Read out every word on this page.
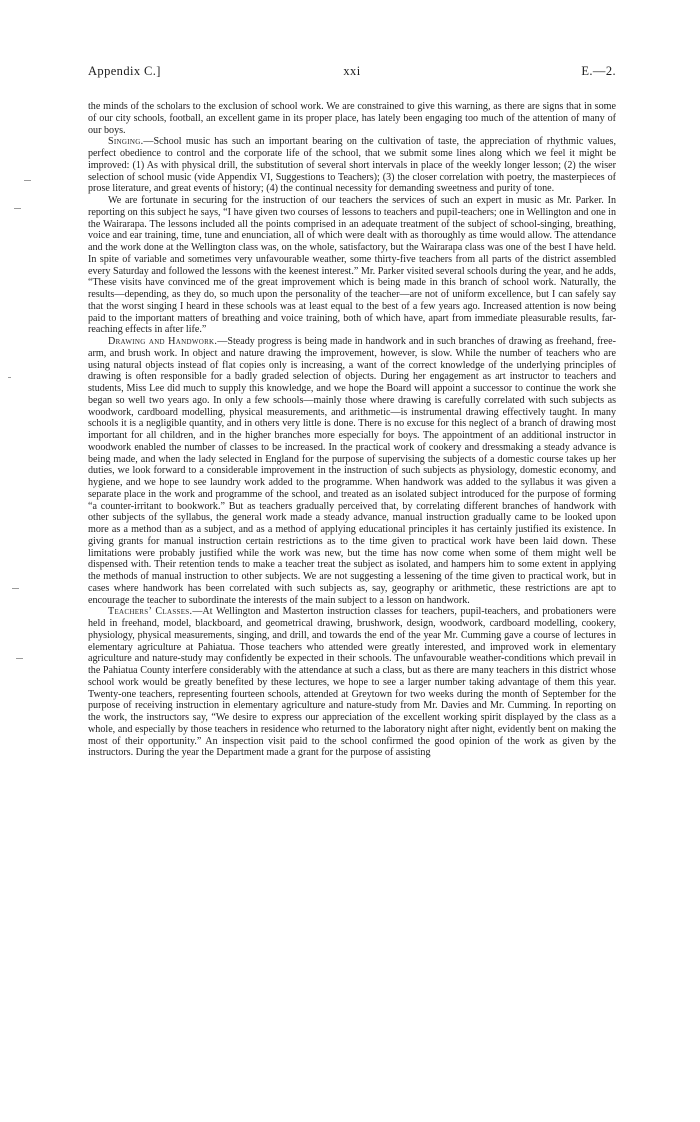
Appendix C.]	xxi	E.—2.

the minds of the scholars to the exclusion of school work. We are constrained to give this warning, as there are signs that in some of our city schools, football, an excellent game in its proper place, has lately been engaging too much of the attention of many of our boys.

Singing.—School music has such an important bearing on the cultivation of taste, the appreciation of rhythmic values, perfect obedience to control and the corporate life of the school, that we submit some lines along which we feel it might be improved: (1) As with physical drill, the substitution of several short intervals in place of the weekly longer lesson; (2) the wiser selection of school music (vide Appendix VI, Suggestions to Teachers); (3) the closer correlation with poetry, the masterpieces of prose literature, and great events of history; (4) the continual necessity for demanding sweetness and purity of tone.

We are fortunate in securing for the instruction of our teachers the services of such an expert in music as Mr. Parker. In reporting on this subject he says, “I have given two courses of lessons to teachers and pupil-teachers; one in Wellington and one in the Wairarapa. The lessons included all the points comprised in an adequate treatment of the subject of school-singing, breathing, voice and ear training, time, tune and enunciation, all of which were dealt with as thoroughly as time would allow. The attendance and the work done at the Wellington class was, on the whole, satisfactory, but the Wairarapa class was one of the best I have held. In spite of variable and sometimes very unfavourable weather, some thirty-five teachers from all parts of the district assembled every Saturday and followed the lessons with the keenest interest.” Mr. Parker visited several schools during the year, and he adds, “These visits have convinced me of the great improvement which is being made in this branch of school work. Naturally, the results—depending, as they do, so much upon the personality of the teacher—are not of uniform excellence, but I can safely say that the worst singing I heard in these schools was at least equal to the best of a few years ago. Increased attention is now being paid to the important matters of breathing and voice training, both of which have, apart from immediate pleasurable results, far-reaching effects in after life.”

Drawing and Handwork.—Steady progress is being made in handwork and in such branches of drawing as freehand, free-arm, and brush work. In object and nature drawing the improvement, however, is slow. While the number of teachers who are using natural objects instead of flat copies only is increasing, a want of the correct knowledge of the underlying principles of drawing is often responsible for a badly graded selection of objects. During her engagement as art instructor to teachers and students, Miss Lee did much to supply this knowledge, and we hope the Board will appoint a successor to continue the work she began so well two years ago. In only a few schools—mainly those where drawing is carefully correlated with such subjects as woodwork, cardboard modelling, physical measurements, and arithmetic—is instrumental drawing effectively taught. In many schools it is a negligible quantity, and in others very little is done. There is no excuse for this neglect of a branch of drawing most important for all children, and in the higher branches more especially for boys. The appointment of an additional instructor in woodwork enabled the number of classes to be increased. In the practical work of cookery and dressmaking a steady advance is being made, and when the lady selected in England for the purpose of supervising the subjects of a domestic course takes up her duties, we look forward to a considerable improvement in the instruction of such subjects as physiology, domestic economy, and hygiene, and we hope to see laundry work added to the programme. When handwork was added to the syllabus it was given a separate place in the work and programme of the school, and treated as an isolated subject introduced for the purpose of forming “a counter-irritant to bookwork.” But as teachers gradually perceived that, by correlating different branches of handwork with other subjects of the syllabus, the general work made a steady advance, manual instruction gradually came to be looked upon more as a method than as a subject, and as a method of applying educational principles it has certainly justified its existence. In giving grants for manual instruction certain restrictions as to the time given to practical work have been laid down. These limitations were probably justified while the work was new, but the time has now come when some of them might well be dispensed with. Their retention tends to make a teacher treat the subject as isolated, and hampers him to some extent in applying the methods of manual instruction to other subjects. We are not suggesting a lessening of the time given to practical work, but in cases where handwork has been correlated with such subjects as, say, geography or arithmetic, these restrictions are apt to encourage the teacher to subordinate the interests of the main subject to a lesson on handwork.

Teachers’ Classes.—At Wellington and Masterton instruction classes for teachers, pupil-teachers, and probationers were held in freehand, model, blackboard, and geometrical drawing, brushwork, design, woodwork, cardboard modelling, cookery, physiology, physical measurements, singing, and drill, and towards the end of the year Mr. Cumming gave a course of lectures in elementary agriculture at Pahiatua. Those teachers who attended were greatly interested, and improved work in elementary agriculture and nature-study may confidently be expected in their schools. The unfavourable weather-conditions which prevail in the Pahiatua County interfere considerably with the attendance at such a class, but as there are many teachers in this district whose school work would be greatly benefited by these lectures, we hope to see a larger number taking advantage of them this year. Twenty-one teachers, representing fourteen schools, attended at Greytown for two weeks during the month of September for the purpose of receiving instruction in elementary agriculture and nature-study from Mr. Davies and Mr. Cumming. In reporting on the work, the instructors say, “We desire to express our appreciation of the excellent working spirit displayed by the class as a whole, and especially by those teachers in residence who returned to the laboratory night after night, evidently bent on making the most of their opportunity.” An inspection visit paid to the school confirmed the good opinion of the work as given by the instructors. During the year the Department made a grant for the purpose of assisting
